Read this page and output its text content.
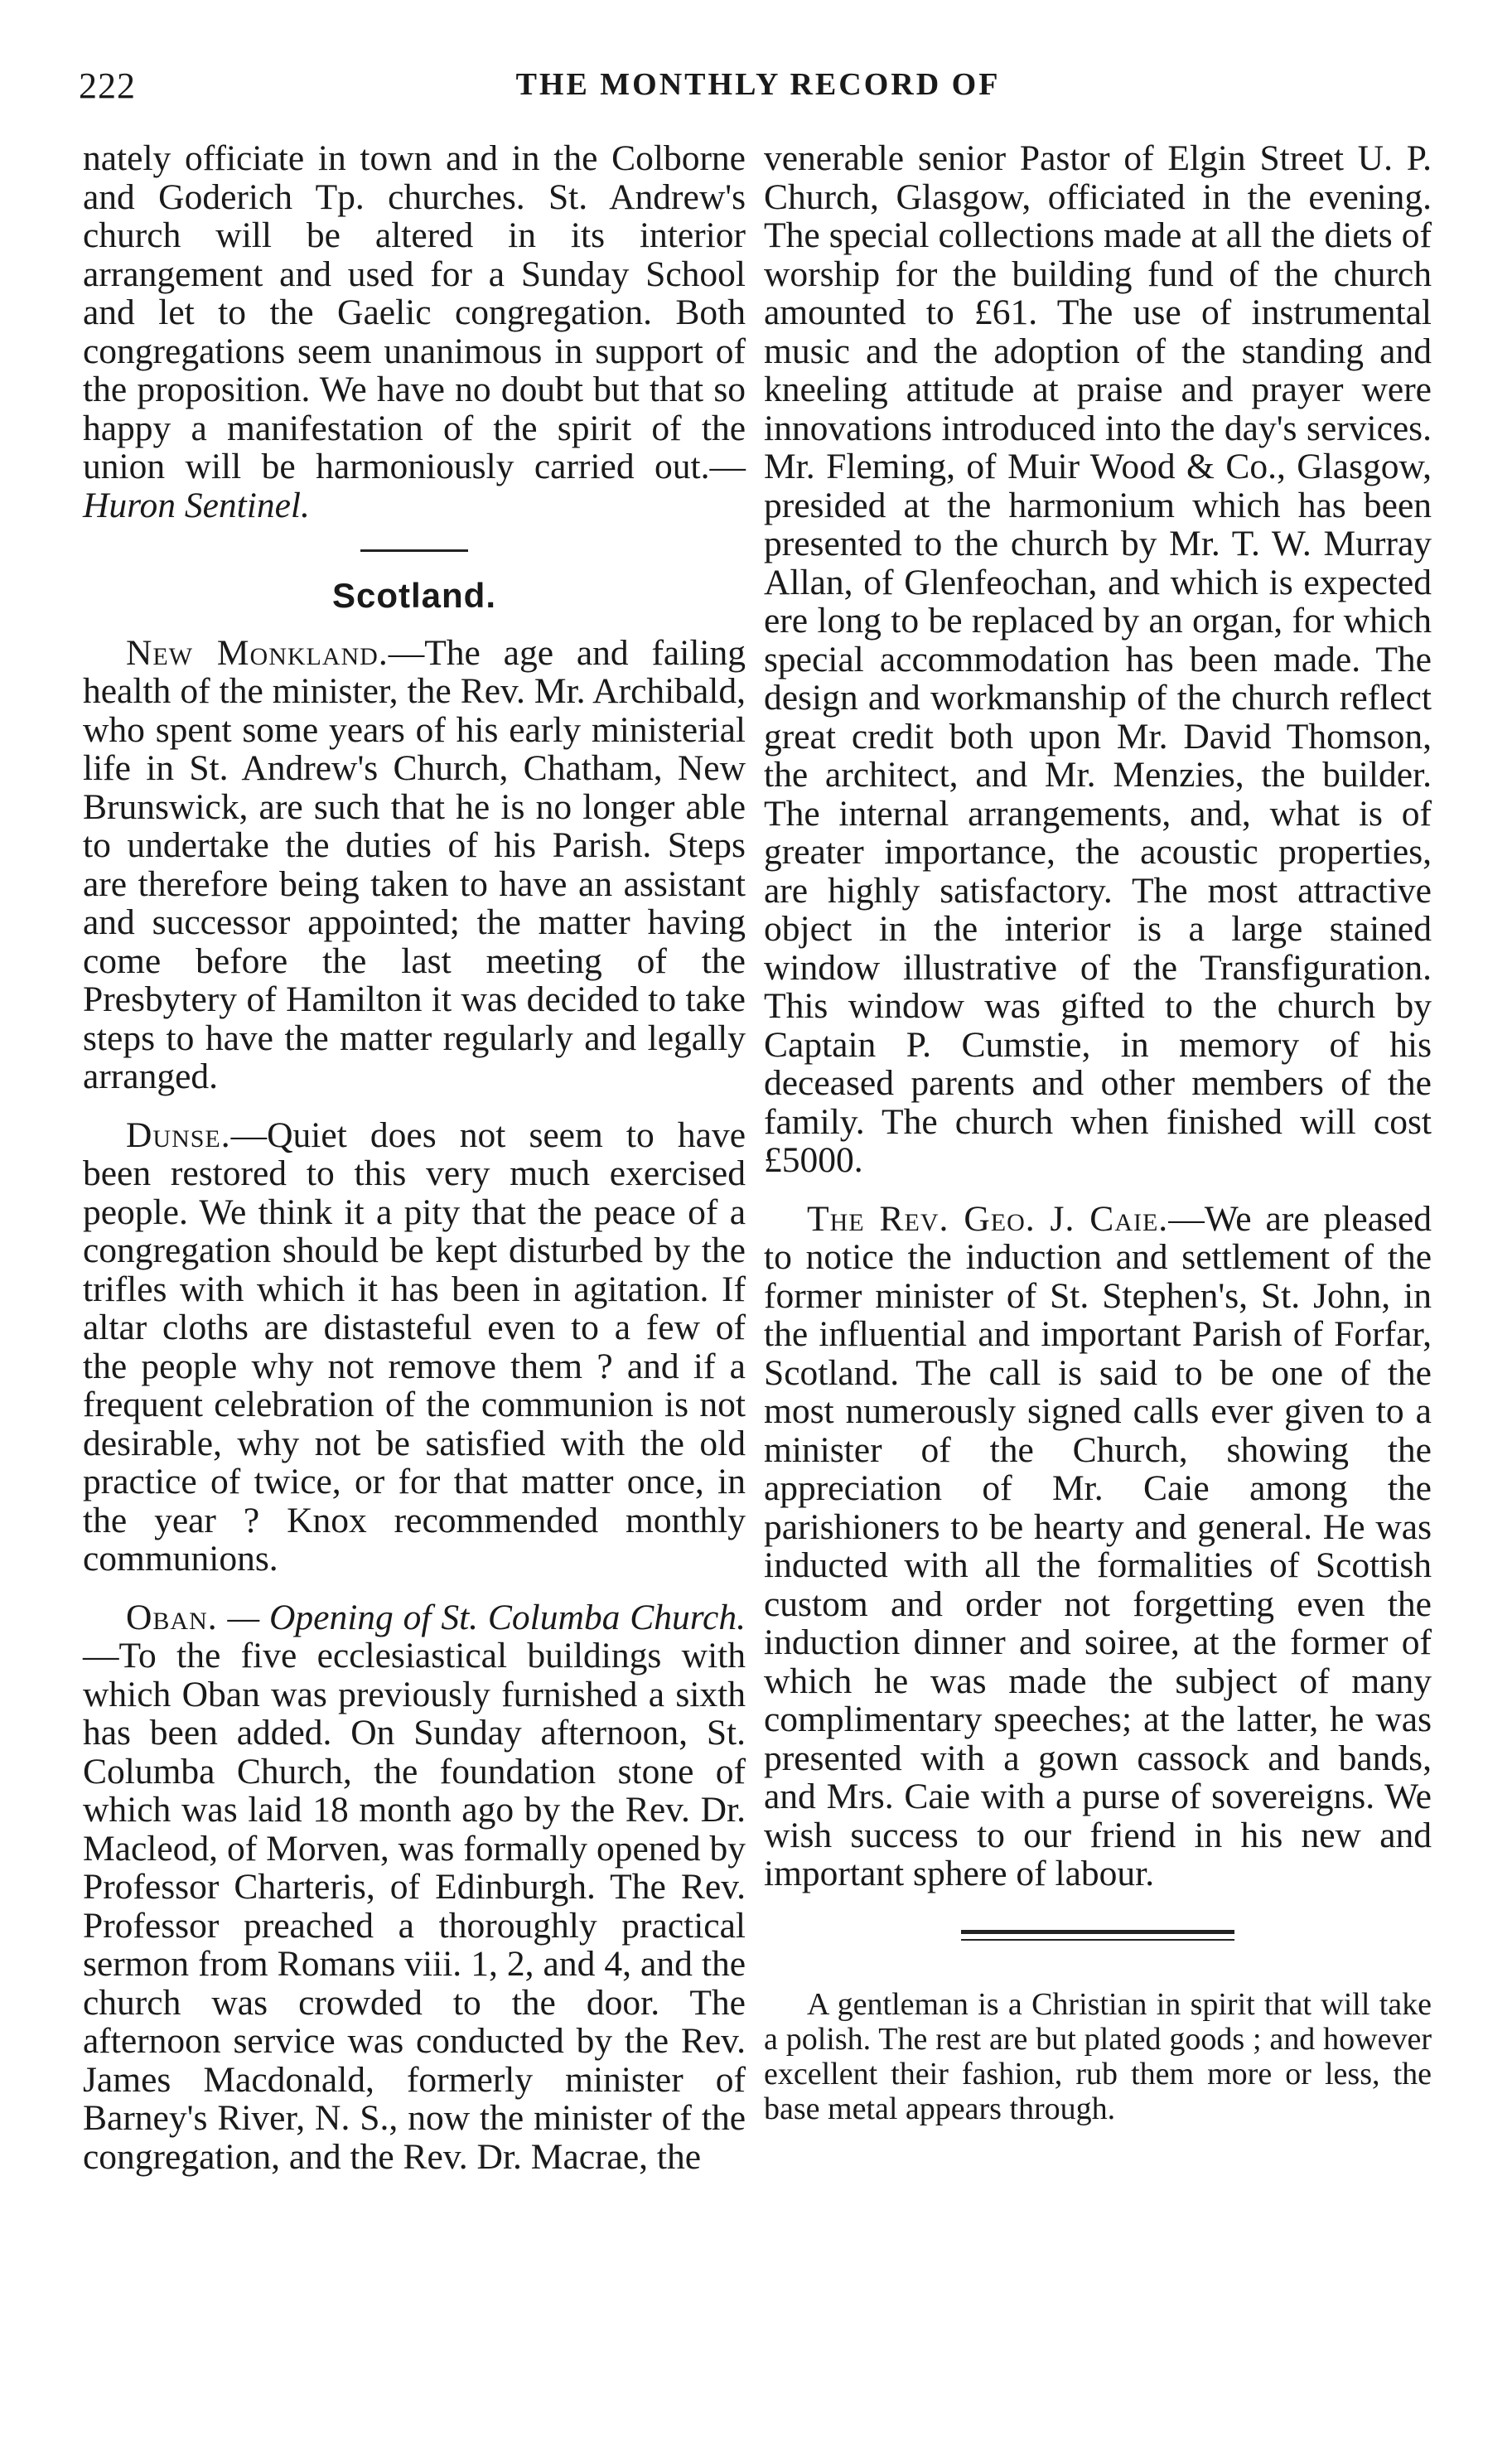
222	THE MONTHLY RECORD OF

nately officiate in town and in the Colborne and Goderich Tp. churches. St. Andrew's church will be altered in its interior arrangement and used for a Sunday School and let to the Gaelic congregation. Both congregations seem unanimous in support of the proposition. We have no doubt but that so happy a manifestation of the spirit of the union will be harmoniously carried out.— Huron Sentinel.

Scotland.

New Monkland.—The age and failing health of the minister, the Rev. Mr. Archibald, who spent some years of his early ministerial life in St. Andrew's Church, Chatham, New Brunswick, are such that he is no longer able to undertake the duties of his Parish. Steps are therefore being taken to have an assistant and successor appointed; the matter having come before the last meeting of the Presbytery of Hamilton it was decided to take steps to have the matter regularly and legally arranged.

Dunse.—Quiet does not seem to have been restored to this very much exercised people. We think it a pity that the peace of a congregation should be kept disturbed by the trifles with which it has been in agitation. If altar cloths are distasteful even to a few of the people why not remove them ? and if a frequent celebration of the communion is not desirable, why not be satisfied with the old practice of twice, or for that matter once, in the year ? Knox recommended monthly communions.

Oban. — Opening of St. Columba Church.—To the five ecclesiastical buildings with which Oban was previously furnished a sixth has been added. On Sunday afternoon, St. Columba Church, the foundation stone of which was laid 18 month ago by the Rev. Dr. Macleod, of Morven, was formally opened by Professor Charteris, of Edinburgh. The Rev. Professor preached a thoroughly practical sermon from Romans viii. 1, 2, and 4, and the church was crowded to the door. The afternoon service was conducted by the Rev. James Macdonald, formerly minister of Barney's River, N. S., now the minister of the congregation, and the Rev. Dr. Macrae, the

venerable senior Pastor of Elgin Street U. P. Church, Glasgow, officiated in the evening. The special collections made at all the diets of worship for the building fund of the church amounted to £61. The use of instrumental music and the adoption of the standing and kneeling attitude at praise and prayer were innovations introduced into the day's services. Mr. Fleming, of Muir Wood & Co., Glasgow, presided at the harmonium which has been presented to the church by Mr. T. W. Murray Allan, of Glenfeochan, and which is expected ere long to be replaced by an organ, for which special accommodation has been made. The design and workmanship of the church reflect great credit both upon Mr. David Thomson, the architect, and Mr. Menzies, the builder. The internal arrangements, and, what is of greater importance, the acoustic properties, are highly satisfactory. The most attractive object in the interior is a large stained window illustrative of the Transfiguration. This window was gifted to the church by Captain P. Cumstie, in memory of his deceased parents and other members of the family. The church when finished will cost £5000.

The Rev. Geo. J. Caie.—We are pleased to notice the induction and settlement of the former minister of St. Stephen's, St. John, in the influential and important Parish of Forfar, Scotland. The call is said to be one of the most numerously signed calls ever given to a minister of the Church, showing the appreciation of Mr. Caie among the parishioners to be hearty and general. He was inducted with all the formalities of Scottish custom and order not forgetting even the induction dinner and soiree, at the former of which he was made the subject of many complimentary speeches; at the latter, he was presented with a gown cassock and bands, and Mrs. Caie with a purse of sovereigns. We wish success to our friend in his new and important sphere of labour.

A gentleman is a Christian in spirit that will take a polish. The rest are but plated goods ; and however excellent their fashion, rub them more or less, the base metal appears through.
